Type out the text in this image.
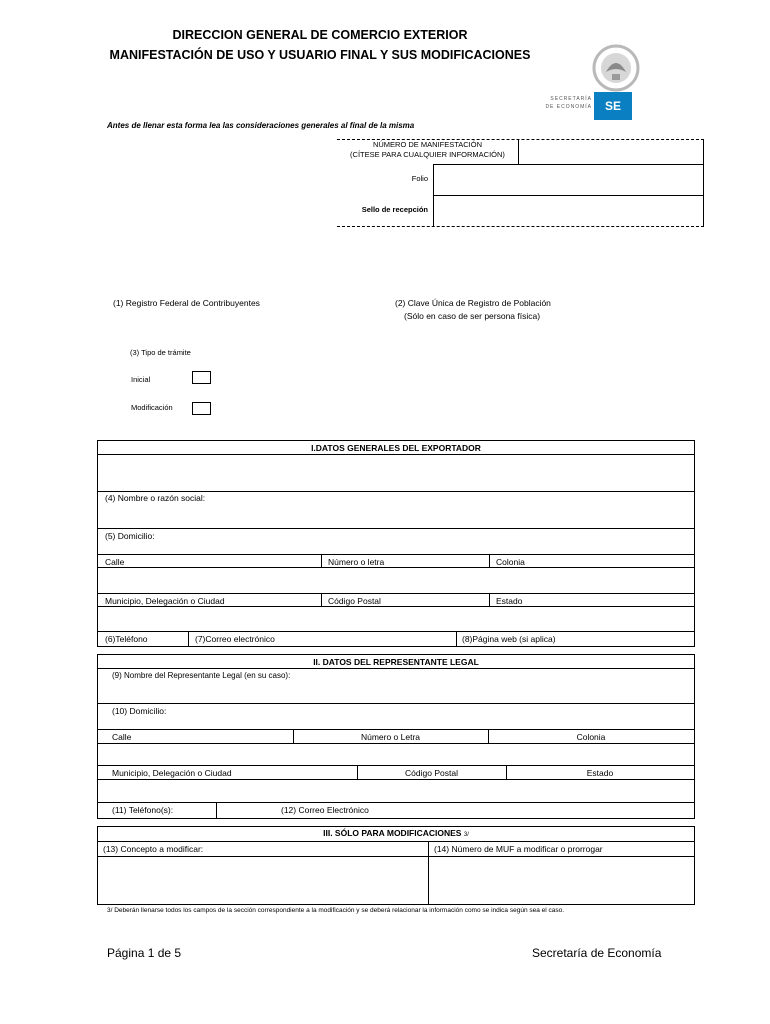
DIRECCION GENERAL DE COMERCIO EXTERIOR
MANIFESTACIÓN DE USO Y USUARIO FINAL Y SUS MODIFICACIONES
SECRETARÍA
DE ECONOMÍA	SE
Antes de llenar esta forma lea las consideraciones generales al final de la misma
NÚMERO DE MANIFESTACIÓN
(CÍTESE PARA CUALQUIER INFORMACIÓN)
Folio
Sello de recepción
(1) Registro Federal de Contribuyentes	(2) Clave Única de Registro de Población
(Sólo en caso de ser persona física)
(3) Tipo de trámite
Inicial
Modificación
I.DATOS GENERALES DEL EXPORTADOR
(4) Nombre o razón social:
(5) Domicilio:
Calle	Número o letra	Colonia
Municipio, Delegación o Ciudad	Código Postal	Estado
(6)Teléfono	(7)Correo electrónico	(8)Página web (si aplica)
II. DATOS DEL REPRESENTANTE LEGAL
(9) Nombre del Representante Legal (en su caso):
(10) Domicilio:
Calle	Número o Letra	Colonia
Municipio, Delegación o Ciudad	Código Postal	Estado
(11) Teléfono(s):	(12) Correo Electrónico
III. SÓLO PARA MODIFICACIONES 3/
(13) Concepto a modificar:	(14) Número de MUF a modificar o prorrogar
3/ Deberán llenarse todos los campos de la sección correspondiente a la modificación y se deberá relacionar la información como se indica según sea el caso.
Página 1 de 5	Secretaría de Economía
